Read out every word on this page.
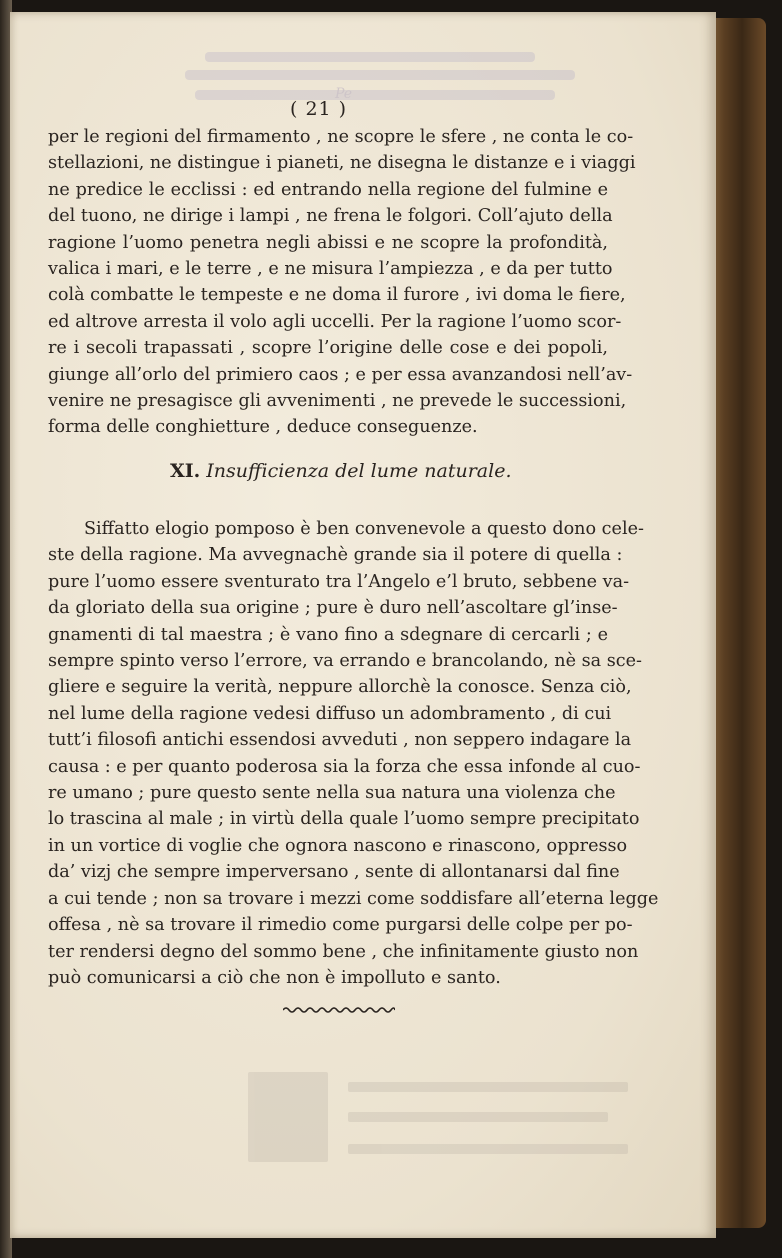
Pe
( 21 )
per le regioni del firmamento , ne scopre le sfere , ne conta le co-
stellazioni, ne distingue i pianeti, ne disegna le distanze e i viaggi
ne predice le ecclissi : ed entrando nella regione del fulmine e
del tuono, ne dirige i lampi , ne frena le folgori. Coll’ajuto della
ragione l’uomo penetra negli abissi e ne scopre la profondità,
valica i mari, e le terre , e ne misura l’ampiezza , e da per tutto
colà combatte le tempeste e ne doma il furore , ivi doma le fiere,
ed altrove arresta il volo agli uccelli. Per la ragione l’uomo scor-
re i secoli trapassati , scopre l’origine delle cose e dei popoli,
giunge all’orlo del primiero caos ; e per essa avanzandosi nell’av-
venire ne presagisce gli avvenimenti , ne prevede le successioni,
forma delle conghietture , deduce conseguenze.
XI. Insufficienza del lume naturale.
Siffatto elogio pomposo è ben convenevole a questo dono cele-
ste della ragione. Ma avvegnachè grande sia il potere di quella :
pure l’uomo essere sventurato tra l’Angelo e’l bruto, sebbene va-
da gloriato della sua origine ; pure è duro nell’ascoltare gl’inse-
gnamenti di tal maestra ; è vano fino a sdegnare di cercarli ; e
sempre spinto verso l’errore, va errando e brancolando, nè sa sce-
gliere e seguire la verità, neppure allorchè la conosce. Senza ciò,
nel lume della ragione vedesi diffuso un adombramento , di cui
tutt’i filosofi antichi essendosi avveduti , non seppero indagare la
causa : e per quanto poderosa sia la forza che essa infonde al cuo-
re umano ; pure questo sente nella sua natura una violenza che
lo trascina al male ; in virtù della quale l’uomo sempre precipitato
in un vortice di voglie che ognora nascono e rinascono, oppresso
da’ vizj che sempre imperversano , sente di allontanarsi dal fine
a cui tende ; non sa trovare i mezzi come soddisfare all’eterna legge
offesa , nè sa trovare il rimedio come purgarsi delle colpe per po-
ter rendersi degno del sommo bene , che infinitamente giusto non
può comunicarsi a ciò che non è impolluto e santo.
